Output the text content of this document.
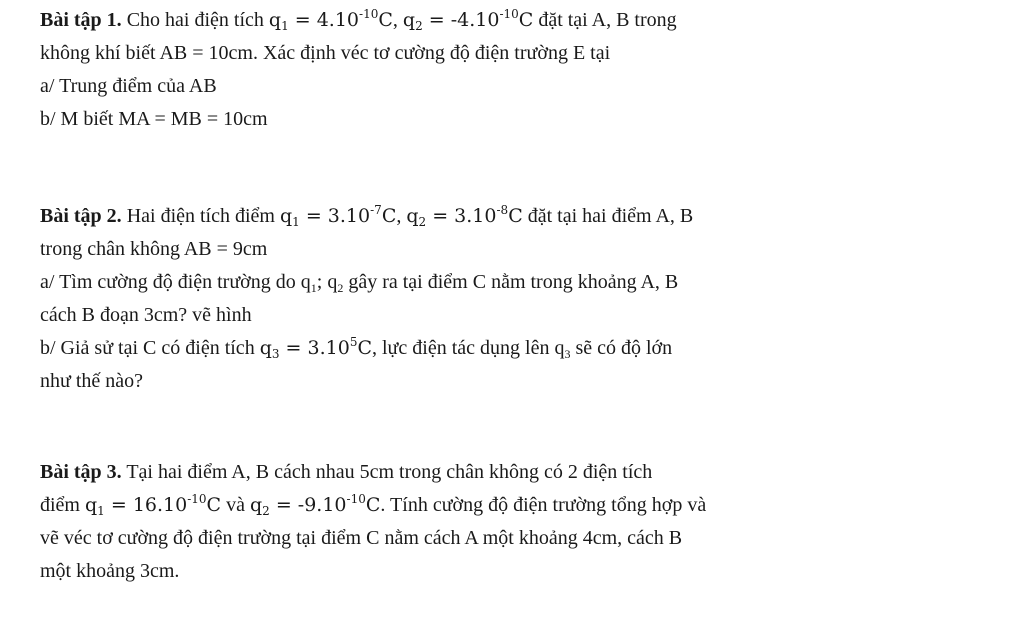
Bài tập 1. Cho hai điện tích $q_1 = 4.10^{-10}C$, $q_2 = -4.10^{-10}C$ đặt tại A, B trong
không khí biết AB = 10cm. Xác định véc tơ cường độ điện trường E tại
a/ Trung điểm của AB
b/ M biết MA = MB = 10cm
Bài tập 2. Hai điện tích điểm $q_1 = 3.10^{-7}C$, $q_2 = 3.10^{-8}C$ đặt tại hai điểm A, B
trong chân không AB = 9cm
a/ Tìm cường độ điện trường do $q_1$; $q_2$ gây ra tại điểm C nằm trong khoảng A, B
cách B đoạn 3cm? vẽ hình
b/ Giả sử tại C có điện tích $q_3 = 3.10^5C$, lực điện tác dụng lên $q_3$ sẽ có độ lớn
như thế nào?
Bài tập 3. Tại hai điểm A, B cách nhau 5cm trong chân không có 2 điện tích
điểm $q_1 = 16.10^{-10}C$ và $q_2 = -9.10^{-10}C$. Tính cường độ điện trường tổng hợp và
vẽ véc tơ cường độ điện trường tại điểm C nằm cách A một khoảng 4cm, cách B
một khoảng 3cm.
